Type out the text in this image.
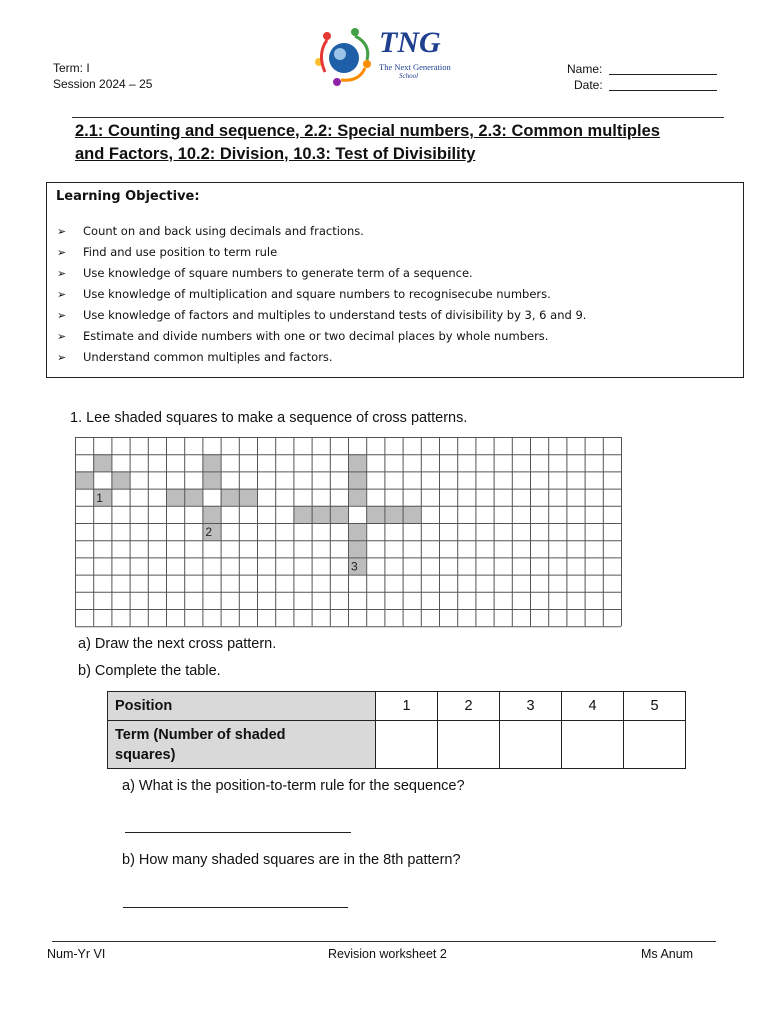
Term: I
Session 2024 – 25
TNG
The Next Generation
School	Name:
Date:
2.1: Counting and sequence, 2.2: Special numbers, 2.3: Common multiples
and Factors, 10.2: Division, 10.3: Test of Divisibility
Learning Objective:
➢	Count on and back using decimals and fractions.
➢	Find and use position to term rule
➢	Use knowledge of square numbers to generate term of a sequence.
➢	Use knowledge of multiplication and square numbers to recognisecube numbers.
➢	Use knowledge of factors and multiples to understand tests of divisibility by 3, 6 and 9.
➢	Estimate and divide numbers with one or two decimal places by whole numbers.
➢	Understand common multiples and factors.
1. Lee shaded squares to make a sequence of cross patterns.
1
2
3
a) Draw the next cross pattern.
b) Complete the table.
Position	1	2	3	4	5

Term (Number of shaded
squares)					

a) What is the position-to-term rule for the sequence?
b) How many shaded squares are in the 8th pattern?
Num-Yr VI	Revision worksheet 2	Ms Anum
